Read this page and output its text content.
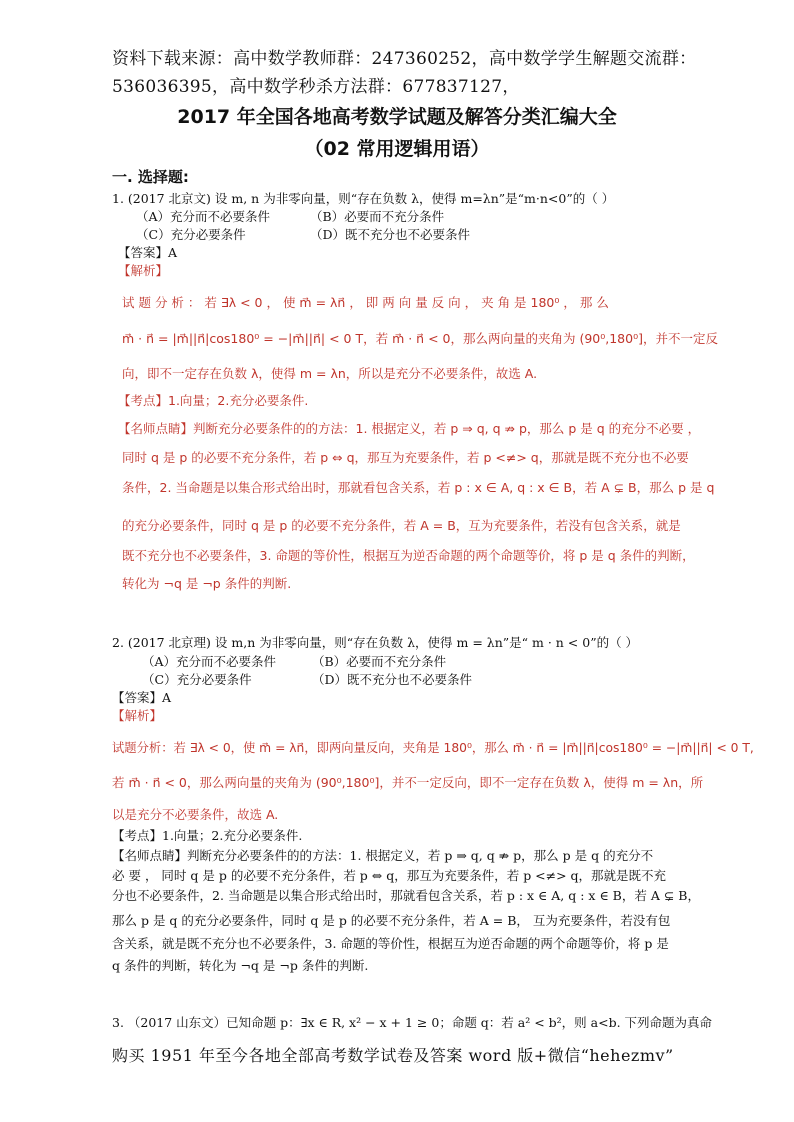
资料下载来源：高中数学教师群：247360252，高中数学学生解题交流群：
536036395，高中数学秒杀方法群：677837127，
2017 年全国各地高考数学试题及解答分类汇编大全
（02 常用逻辑用语）
一. 选择题:
1. (2017 北京文) 设 m, n 为非零向量，则“存在负数 λ，使得 m=λn”是“m·n<0”的（ ）
（A）充分而不必要条件	（B）必要而不充分条件
（C）充分必要条件	（D）既不充分也不必要条件
【答案】A
【解析】
试 题 分 析 ： 若 ∃λ < 0 ， 使 m⃗ = λn⃗ ， 即 两 向 量 反 向 ， 夹 角 是 180⁰ ， 那 么
m⃗ · n⃗ = |m⃗||n⃗|cos180⁰ = −|m⃗||n⃗| < 0 T，若 m⃗ · n⃗ < 0，那么两向量的夹角为 (90⁰,180⁰]，并不一定反
向，即不一定存在负数 λ，使得 m = λn，所以是充分不必要条件，故选 A.
【考点】1.向量；2.充分必要条件.
【名师点睛】判断充分必要条件的的方法：1. 根据定义，若 p ⇒ q, q ⇏ p，那么 p 是 q 的充分不必要 ，
同时 q 是 p 的必要不充分条件，若 p ⇔ q，那互为充要条件，若 p <≠> q，那就是既不充分也不必要
条件，2. 当命题是以集合形式给出时，那就看包含关系，若 p : x ∈ A, q : x ∈ B，若 A ⊊ B，那么 p 是 q
的充分必要条件，同时 q 是 p 的必要不充分条件，若 A = B，互为充要条件，若没有包含关系，就是
既不充分也不必要条件，3. 命题的等价性，根据互为逆否命题的两个命题等价，将 p 是 q 条件的判断，
转化为 ¬q 是 ¬p 条件的判断.
2. (2017 北京理) 设 m,n 为非零向量，则“存在负数 λ，使得 m = λn”是“ m · n < 0”的（ ）
（A）充分而不必要条件	（B）必要而不充分条件
（C）充分必要条件	（D）既不充分也不必要条件
【答案】A
【解析】
试题分析：若 ∃λ < 0，使 m⃗ = λn⃗，即两向量反向，夹角是 180⁰，那么 m⃗ · n⃗ = |m⃗||n⃗|cos180⁰ = −|m⃗||n⃗| < 0 T,
若 m⃗ · n⃗ < 0，那么两向量的夹角为 (90⁰,180⁰]，并不一定反向，即不一定存在负数 λ，使得 m = λn，所
以是充分不必要条件，故选 A.
【考点】1.向量；2.充分必要条件.
【名师点睛】判断充分必要条件的的方法：1. 根据定义，若 p ⇒ q, q ⇏ p，那么 p 是 q 的充分不
必 要 ， 同时 q 是 p 的必要不充分条件，若 p ⇔ q，那互为充要条件，若 p <≠> q，那就是既不充
分也不必要条件，2. 当命题是以集合形式给出时，那就看包含关系，若 p : x ∈ A, q : x ∈ B，若 A ⊊ B，
那么 p 是 q 的充分必要条件，同时 q 是 p 的必要不充分条件，若 A = B， 互为充要条件，若没有包
含关系，就是既不充分也不必要条件，3. 命题的等价性，根据互为逆否命题的两个命题等价，将 p 是
q 条件的判断，转化为 ¬q 是 ¬p 条件的判断.
3. （2017 山东文）已知命题 p：∃x ∈ R, x² − x + 1 ≥ 0；命题 q：若 a² < b²，则 a<b. 下列命题为真命
购买 1951 年至今各地全部高考数学试卷及答案 word 版+微信“hehezmv”
